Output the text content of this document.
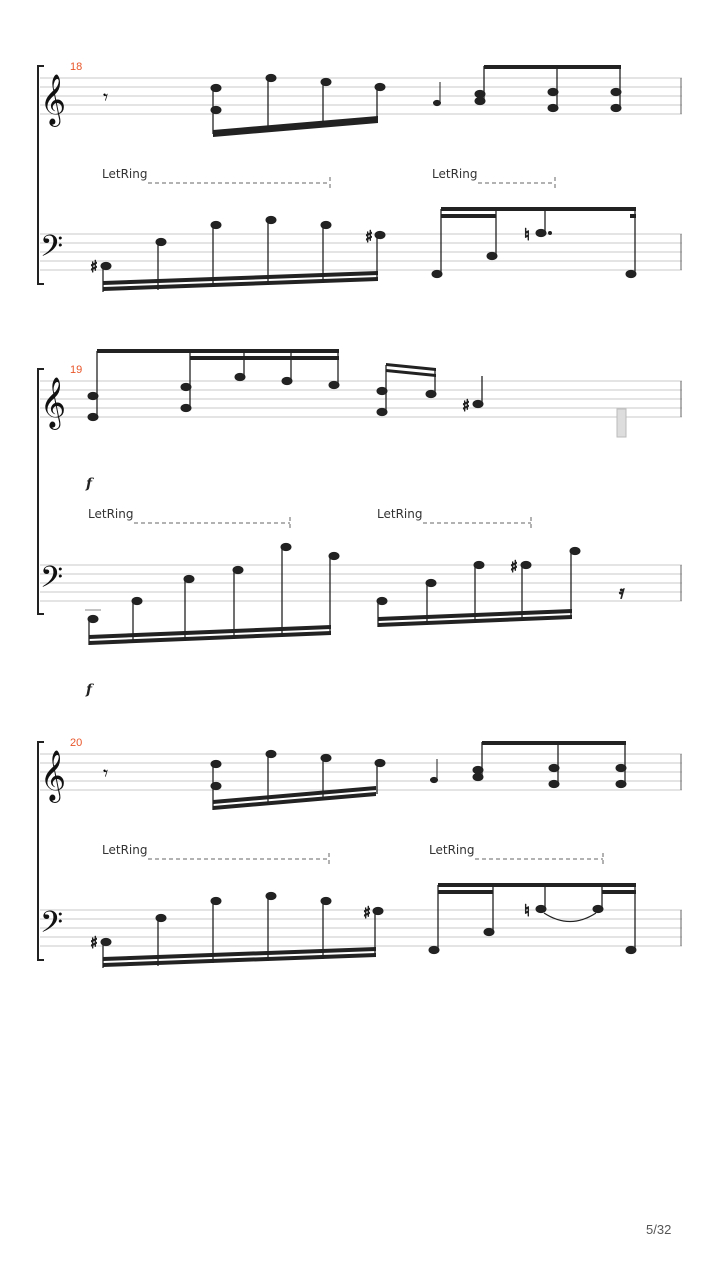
𝄞
18
𝄾
LetRing	LetRing
𝄢 ♯
♯	♮
𝄞
19
♯
f
LetRing	LetRing
𝄢	♯
𝄿
f
𝄞
20
𝄾
LetRing	LetRing
𝄢 ♯
♯	♮
5/32
